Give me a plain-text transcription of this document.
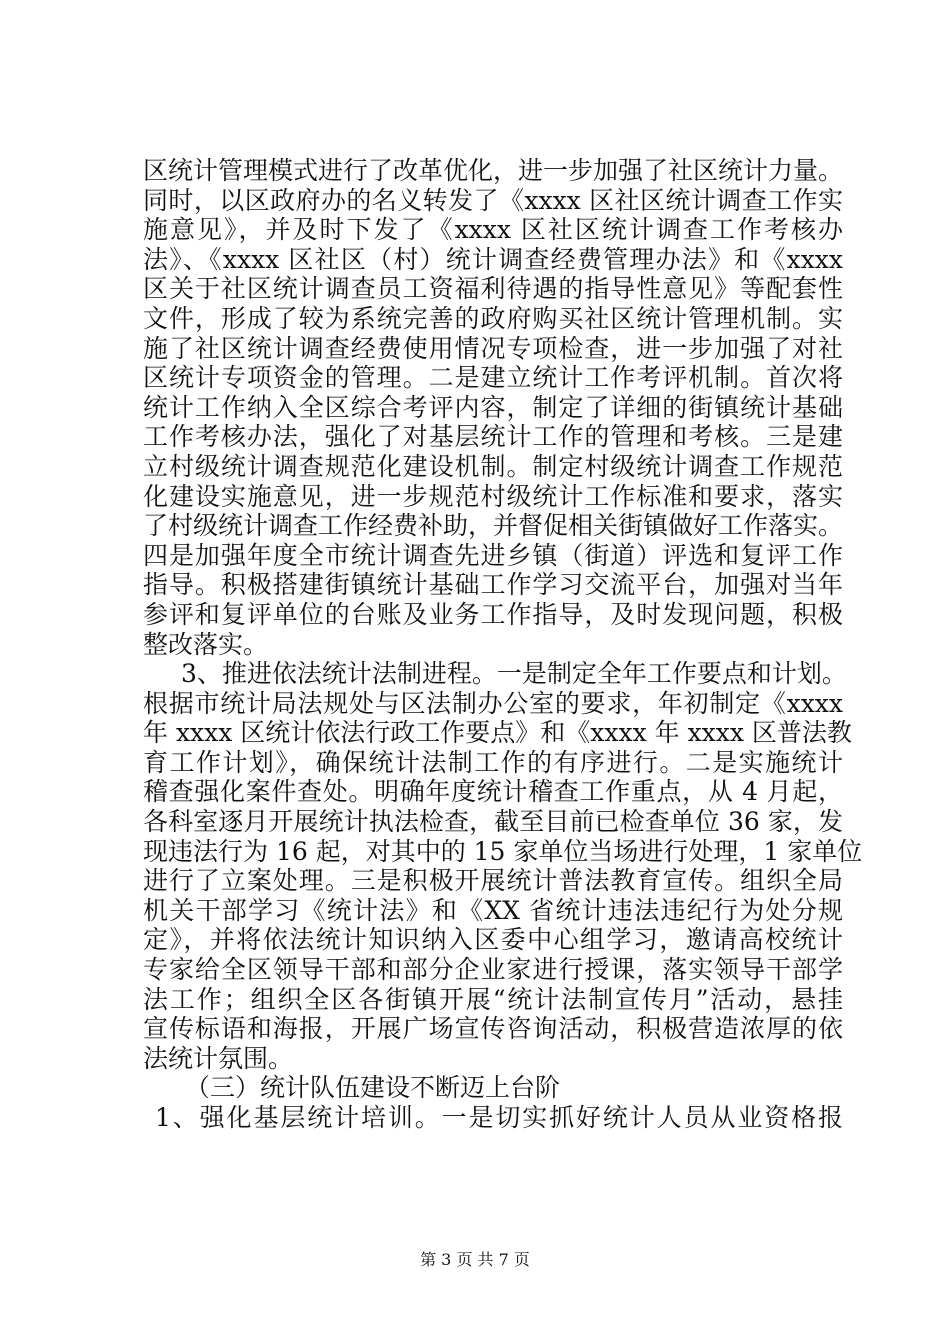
区统计管理模式进行了改革优化，进一步加强了社区统计力量。
同时，以区政府办的名义转发了《xxxx 区社区统计调查工作实
施意见》，并及时下发了《xxxx 区社区统计调查工作考核办
法》、《xxxx 区社区（村）统计调查经费管理办法》和《xxxx
区关于社区统计调查员工资福利待遇的指导性意见》等配套性
文件，形成了较为系统完善的政府购买社区统计管理机制。实
施了社区统计调查经费使用情况专项检查，进一步加强了对社
区统计专项资金的管理。二是建立统计工作考评机制。首次将
统计工作纳入全区综合考评内容，制定了详细的街镇统计基础
工作考核办法，强化了对基层统计工作的管理和考核。三是建
立村级统计调查规范化建设机制。制定村级统计调查工作规范
化建设实施意见，进一步规范村级统计工作标准和要求，落实
了村级统计调查工作经费补助，并督促相关街镇做好工作落实。
四是加强年度全市统计调查先进乡镇（街道）评选和复评工作
指导。积极搭建街镇统计基础工作学习交流平台，加强对当年
参评和复评单位的台账及业务工作指导，及时发现问题，积极
整改落实。
3、推进依法统计法制进程。一是制定全年工作要点和计划。
根据市统计局法规处与区法制办公室的要求，年初制定《xxxx
年 xxxx 区统计依法行政工作要点》和《xxxx 年 xxxx 区普法教
育工作计划》，确保统计法制工作的有序进行。二是实施统计
稽查强化案件查处。明确年度统计稽查工作重点，从 4 月起，
各科室逐月开展统计执法检查，截至目前已检查单位 36 家，发
现违法行为 16 起，对其中的 15 家单位当场进行处理，1 家单位
进行了立案处理。三是积极开展统计普法教育宣传。组织全局
机关干部学习《统计法》和《XX 省统计违法违纪行为处分规
定》，并将依法统计知识纳入区委中心组学习，邀请高校统计
专家给全区领导干部和部分企业家进行授课，落实领导干部学
法工作；组织全区各街镇开展“统计法制宣传月”活动，悬挂
宣传标语和海报，开展广场宣传咨询活动，积极营造浓厚的依
法统计氛围。
（三）统计队伍建设不断迈上台阶
1、强化基层统计培训。一是切实抓好统计人员从业资格报
第 3 页 共 7 页
